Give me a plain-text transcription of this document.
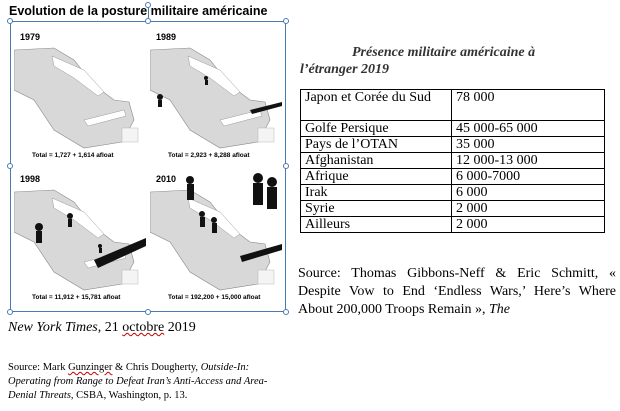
Evolution de la posture militaire américaine
1979
Total = 1,727 + 1,614 afloat
1989
Total = 2,923 + 8,288 afloat
1998
Total = 11,912 + 15,781 afloat
2010
Total = 192,200 + 15,000 afloat
Présence militaire américaine à
l’étranger 2019
Japon et Corée du Sud	78 000
Golfe Persique	45 000-65 000
Pays de l’OTAN	35 000
Afghanistan	12 000-13 000
Afrique	6 000-7000
Irak	6 000
Syrie	2 000
Ailleurs	2 000
Source: Thomas Gibbons-Neff & Eric Schmitt, « Despite Vow to End ‘Endless Wars,’ Here’s Where About 200,000 Troops Remain », The
New York Times, 21 octobre 2019
Source: Mark Gunzinger & Chris Dougherty, Outside-In: Operating from Range to Defeat Iran’s Anti-Access and Area-Denial Threats, CSBA, Washington, p. 13.
